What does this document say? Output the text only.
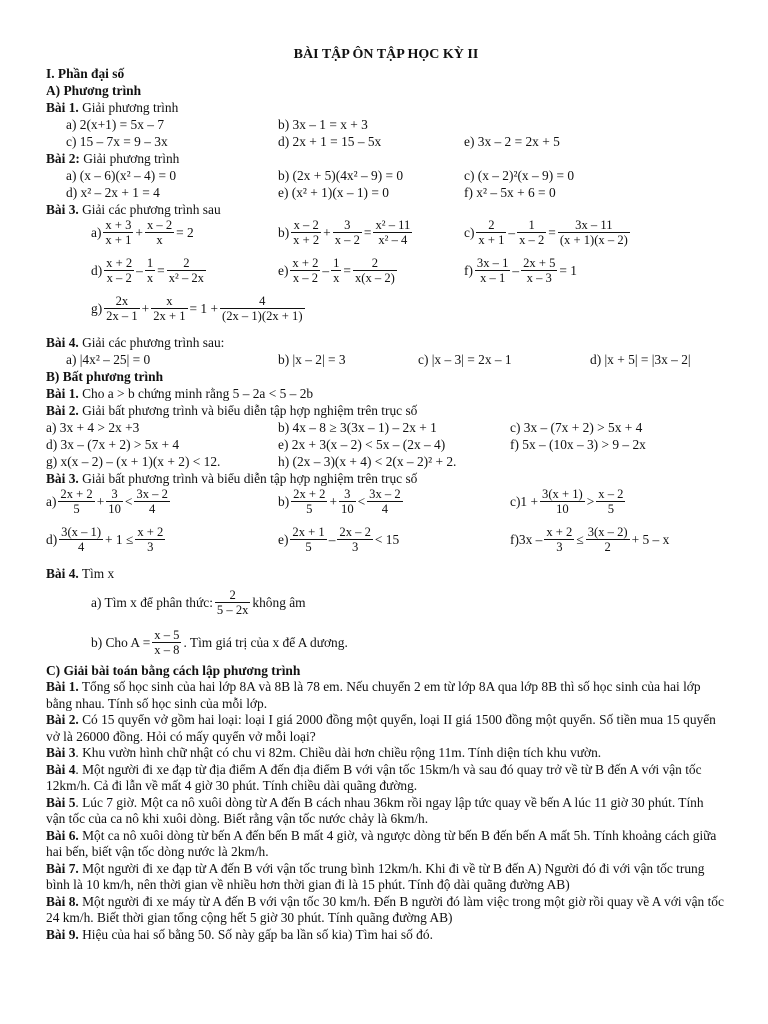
BÀI TẬP ÔN TẬP HỌC KỲ II
I. Phần đại số
A) Phương trình
Bài 1. Giải phương trình
a) 2(x+1) = 5x – 7	b) 3x – 1 = x + 3
c) 15 – 7x = 9 – 3x	d) 2x + 1 = 15 – 5x	e) 3x – 2 = 2x + 5
Bài 2: Giải phương trình
a) (x – 6)(x² – 4) = 0	b) (2x + 5)(4x² – 9) = 0	c) (x – 2)²(x – 9) = 0
d) x² – 2x + 1 = 4	e) (x² + 1)(x – 1) = 0	f) x² – 5x + 6 = 0
Bài 3. Giải các phương trình sau
$a) \frac{x + 3}{x + 1} + \frac{x - 2}{x} = 2$	$b) \frac{x - 2}{x + 2} + \frac{3}{x - 2} = \frac{\text{x² – 11}}{\text{x² – 4}}$	$c) \frac{2}{x + 1} - \frac{1}{x - 2} = \frac{3x - 11}{(x + 1)(x - 2)}$
$d) \frac{x + 2}{x - 2} - \frac{1}{x} = \frac{2}{\text{x² – 2x}}$	$e) \frac{x + 2}{x - 2} - \frac{1}{x} = \frac{2}{x(x - 2)}$	$f) \frac{3x - 1}{x - 1} - \frac{2x + 5}{x - 3} = 1$
$g) \frac{2x}{2x - 1} + \frac{x}{2x + 1} = 1 + \frac{4}{(2x - 1)(2x + 1)}$
Bài 4. Giải các phương trình sau:
a) |4x² – 25| = 0	b) |x – 2| = 3	c) |x – 3| = 2x – 1	d) |x + 5| = |3x – 2|
B) Bất phương trình
Bài 1. Cho a > b chứng minh rằng 5 – 2a < 5 – 2b
Bài 2. Giải bất phương trình và biểu diễn tập hợp nghiệm trên trục số
a) 3x + 4 > 2x +3	b) 4x – 8 ≥ 3(3x – 1) – 2x + 1	c) 3x – (7x + 2) > 5x + 4
d) 3x – (7x + 2) > 5x + 4	e) 2x + 3(x – 2) < 5x – (2x – 4)	f) 5x – (10x – 3) > 9 – 2x
g) x(x – 2) – (x + 1)(x + 2) < 12.	h) (2x – 3)(x + 4) < 2(x – 2)² + 2.
Bài 3. Giải bất phương trình và biểu diễn tập hợp nghiệm trên trục số
$a) \frac{2x + 2}{5} + \frac{3}{10} < \frac{3x - 2}{4}$	$b) \frac{2x + 2}{5} + \frac{3}{10} < \frac{3x - 2}{4}$	c) $1 + \frac{3(x + 1)}{10} > \frac{x - 2}{5}$
$d) \frac{3(x - 1)}{4} + 1 \le \frac{x + 2}{3}$	$e) \frac{2x + 1}{5} - \frac{2x - 2}{3} < 15$	f) $3x - \frac{x + 2}{3} \le \frac{3(x - 2)}{2} + 5 - x$
Bài 4. Tìm x
a) Tìm x để phân thức: $\frac{2}{5 - 2x}$ không âm
b) Cho $A = \frac{x - 5}{x - 8}$ . Tìm giá trị của x để A dương.
C) Giải bài toán bằng cách lập phương trình
Bài 1. Tổng số học sinh của hai lớp 8A và 8B là 78 em. Nếu chuyển 2 em từ lớp 8A qua lớp 8B thì số học sinh của hai lớp bằng nhau. Tính số học sinh của mỗi lớp.
Bài 2. Có 15 quyển vở gồm hai loại: loại I giá 2000 đồng một quyển, loại II giá 1500 đồng một quyển. Số tiền mua 15 quyển vở là 26000 đồng. Hỏi có mấy quyển vở mỗi loại?
Bài 3. Khu vườn hình chữ nhật có chu vi 82m. Chiều dài hơn chiều rộng 11m. Tính diện tích khu vườn.
Bài 4. Một người đi xe đạp từ địa điểm A đến địa điểm B với vận tốc 15km/h và sau đó quay trở về từ B đến A với vận tốc 12km/h. Cả đi lẫn về mất 4 giờ 30 phút. Tính chiều dài quãng đường.
Bài 5. Lúc 7 giờ. Một ca nô xuôi dòng từ A đến B cách nhau 36km rồi ngay lập tức quay về bến A lúc 11 giờ 30 phút. Tính vận tốc của ca nô khi xuôi dòng. Biết rằng vận tốc nước chảy là 6km/h.
Bài 6. Một ca nô xuôi dòng từ bến A đến bến B mất 4 giờ, và ngược dòng từ bến B đến bến A mất 5h. Tính khoảng cách giữa hai bến, biết vận tốc dòng nước là 2km/h.
Bài 7. Một người đi xe đạp từ A đến B với vận tốc trung bình 12km/h. Khi đi về từ B đến A) Người đó đi với vận tốc trung bình là 10 km/h, nên thời gian về nhiều hơn thời gian đi là 15 phút. Tính độ dài quãng đường AB)
Bài 8. Một người đi xe máy từ A đến B với vận tốc 30 km/h. Đến B người đó làm việc trong một giờ rồi quay về A với vận tốc 24 km/h. Biết thời gian tổng cộng hết 5 giờ 30 phút. Tính quãng đường AB)
Bài 9. Hiệu của hai số bằng 50. Số này gấp ba lần số kia) Tìm hai số đó.
